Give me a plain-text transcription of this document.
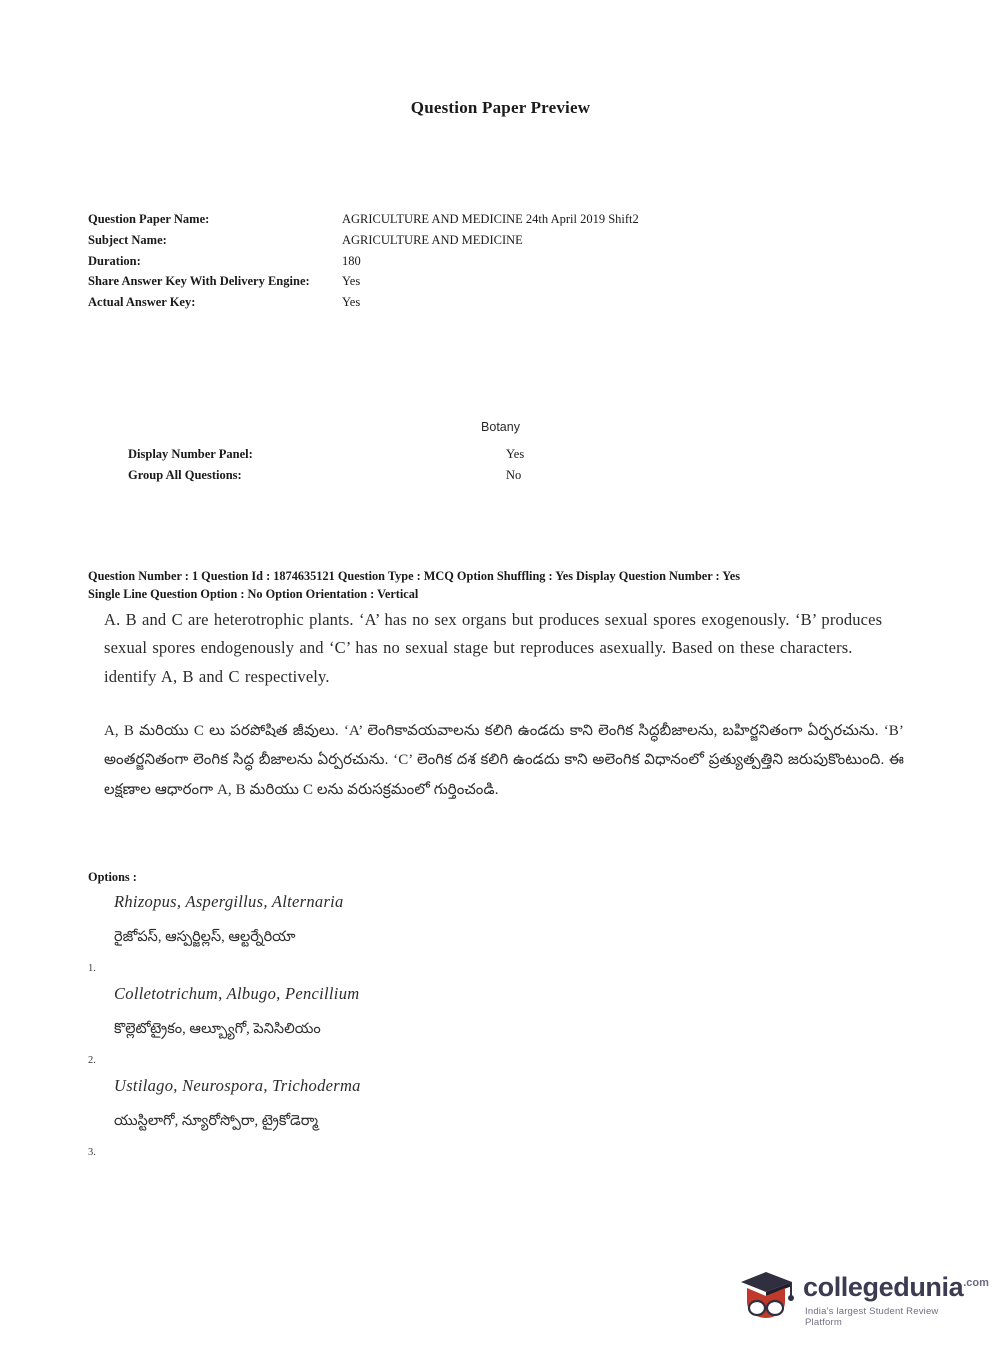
Question Paper Preview
Question Paper Name:	AGRICULTURE AND MEDICINE 24th April 2019 Shift2
Subject Name:	AGRICULTURE AND MEDICINE
Duration:	180
Share Answer Key With Delivery Engine:	Yes
Actual Answer Key:	Yes
Botany
Display Number Panel:	Yes
Group All Questions:	No
Question Number : 1 Question Id : 1874635121 Question Type : MCQ Option Shuffling : Yes Display Question Number : Yes
Single Line Question Option : No Option Orientation : Vertical
A. B and C are heterotrophic plants. ‘A’ has no sex organs but produces sexual spores exogenously. ‘B’ produces sexual spores endogenously and ‘C’ has no sexual stage but reproduces asexually. Based on these characters. identify A, B and C respectively.
A, B మరియు C లు పరపోషిత జీవులు. ‘A’ లెంగికావయవాలను కలిగి ఉండదు కాని లెంగిక సిద్ధబీజాలను, బహిర్జనితంగా ఏర్పరచును. ‘B’ అంతర్జనితంగా లెంగిక సిద్ధ బీజాలను ఏర్పరచును. ‘C’ లెంగిక దశ కలిగి ఉండదు కాని అలెంగిక విధానంలో ప్రత్యుత్పత్తిని జరుపుకొంటుంది. ఈ లక్షణాల ఆధారంగా A, B మరియు C లను వరుసక్రమంలో గుర్తించండి.
Options :
1.
Rhizopus, Aspergillus, Alternaria
రైజోపస్, ఆస్పర్జిల్లస్, ఆల్టర్నేరియా
2.
Colletotrichum, Albugo, Pencillium
కొల్లెటోట్రైకం, ఆల్బ్యూగో, పెనిసిలియం
3.
Ustilago, Neurospora, Trichoderma
యుస్టిలాగో, న్యూరోస్పోరా, ట్రైకోడెర్మా
collegedunia$^{.com}$
India's largest Student Review Platform
